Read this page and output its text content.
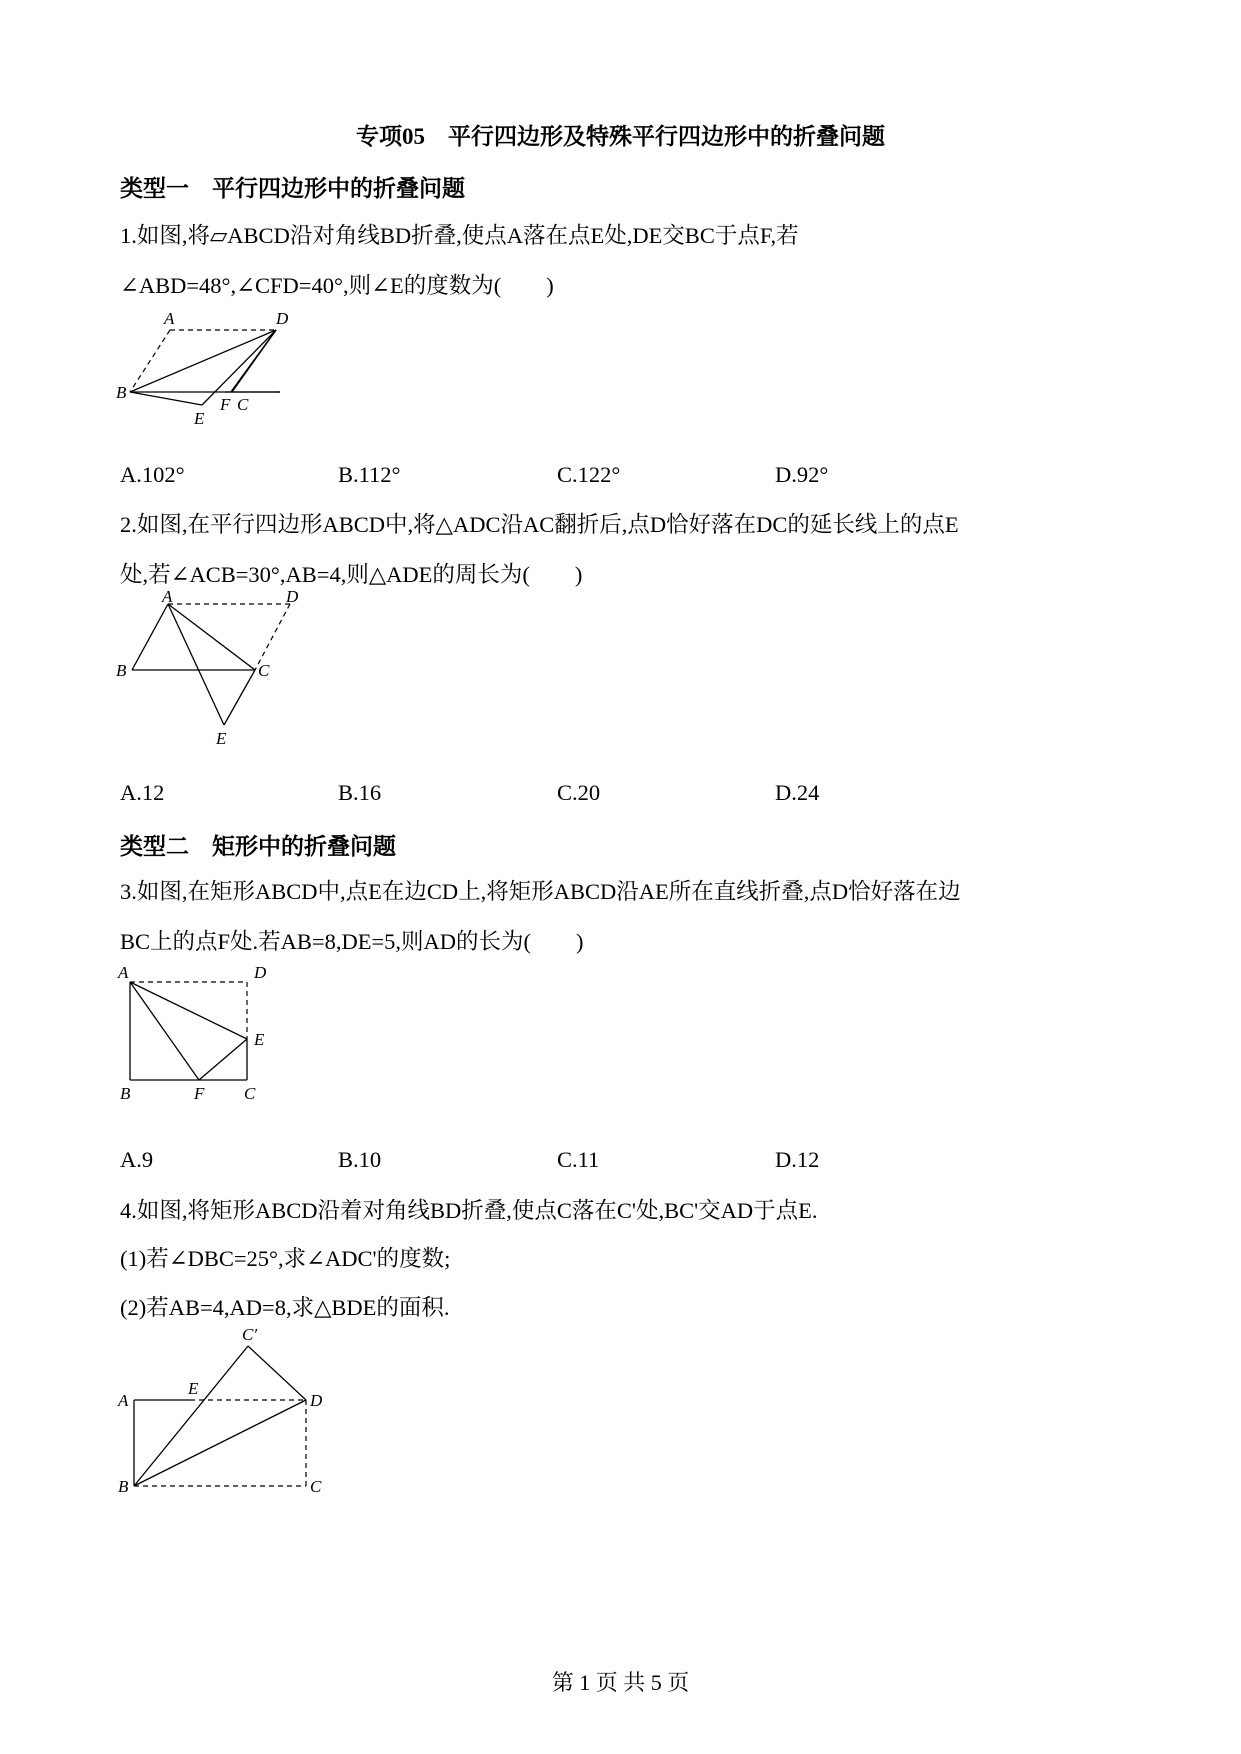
专项05　平行四边形及特殊平行四边形中的折叠问题
类型一　平行四边形中的折叠问题
1.如图,将▱ABCD沿对角线BD折叠,使点A落在点E处,DE交BC于点F,若
∠ABD=48°,∠CFD=40°,则∠E的度数为(　　)
A	D
B
F C
E
A.102°	B.112°	C.122°	D.92°
2.如图,在平行四边形ABCD中,将△ADC沿AC翻折后,点D恰好落在DC的延长线上的点E
处,若∠ACB=30°,AB=4,则△ADE的周长为(　　)
A	D
B	C
E
A.12	B.16	C.20	D.24
类型二　矩形中的折叠问题
3.如图,在矩形ABCD中,点E在边CD上,将矩形ABCD沿AE所在直线折叠,点D恰好落在边
BC上的点F处.若AB=8,DE=5,则AD的长为(　　)
A	D
E
B	F C
A.9	B.10	C.11	D.12
4.如图,将矩形ABCD沿着对角线BD折叠,使点C落在C'处,BC'交AD于点E.
(1)若∠DBC=25°,求∠ADC'的度数;
(2)若AB=4,AD=8,求△BDE的面积.
C′
A
E
D
B	C
第 1 页 共 5 页
